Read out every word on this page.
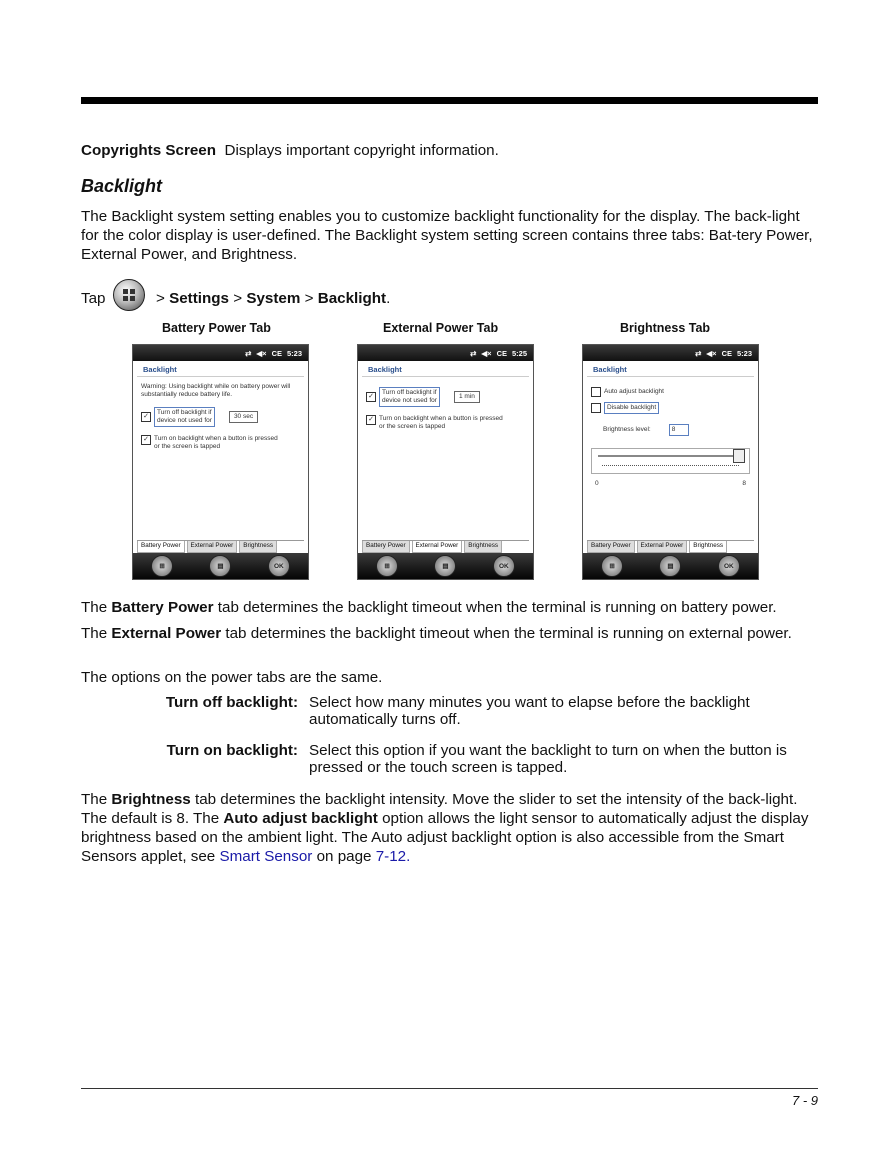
Copyrights Screen Displays important copyright information.

Backlight

The Backlight system setting enables you to customize backlight functionality for the display. The back-light for the color display is user-defined. The Backlight system setting screen contains three tabs: Bat-tery Power, External Power, and Brightness.

Tap	> Settings > System > Backlight.
Battery Power Tab	External Power Tab	Brightness Tab
⇄ ◀× CE 5:23
Backlight
Warning: Using backlight while on battery power will substantially reduce battery life.
✓
Turn off backlight if
device not used for
30 sec
✓ Turn on backlight when a button is pressed or the screen is tapped
Battery Power	External Power	Brightness
⊞	▤	OK
⇄ ◀× CE 5:25
Backlight
✓
Turn off backlight if
device not used for
1 min
✓ Turn on backlight when a button is pressed or the screen is tapped
Battery Power	External Power	Brightness
⊞	▤	OK
⇄ ◀× CE 5:23
Backlight
Auto adjust backlight
Disable backlight
Brightness level:	8
0	8
Battery Power	External Power	Brightness
⊞	▤	OK

The Battery Power tab determines the backlight timeout when the terminal is running on battery power.

The External Power tab determines the backlight timeout when the terminal is running on external power.

The options on the power tabs are the same.

Turn off backlight: Select how many minutes you want to elapse before the backlight automatically turns off.
Turn on backlight: Select this option if you want the backlight to turn on when the button is pressed or the touch screen is tapped.

The Brightness tab determines the backlight intensity. Move the slider to set the intensity of the back-light. The default is 8. The Auto adjust backlight option allows the light sensor to automatically adjust the display brightness based on the ambient light. The Auto adjust backlight option is also accessible from the Smart Sensors applet, see Smart Sensor on page 7-12.

7 - 9
